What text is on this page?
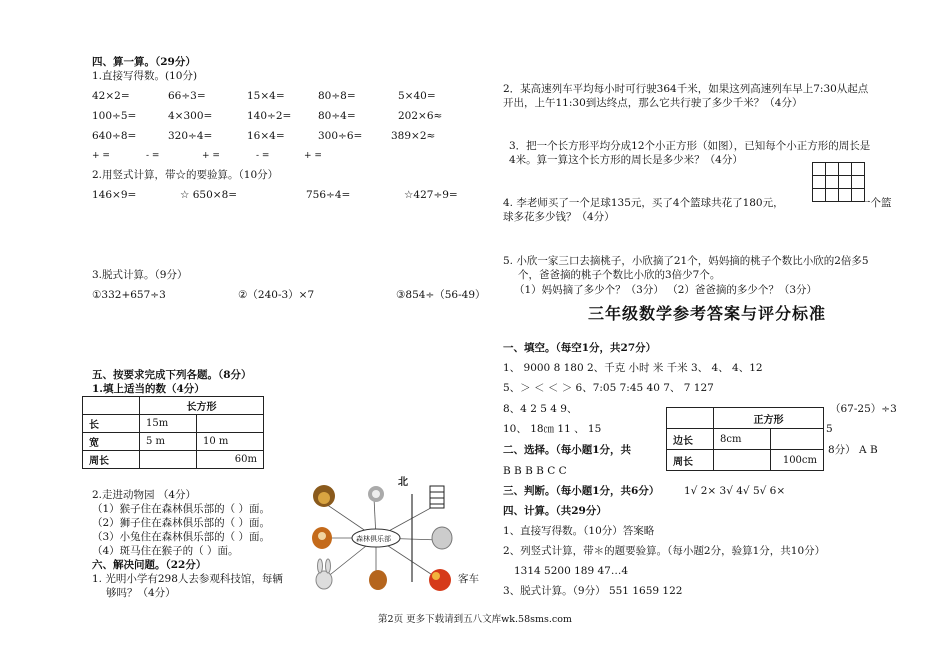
四、算一算。（29分）
1.直接写得数。(10分)
42×2=	66÷3=	15×4=	80÷8=	5×40=
100÷5=	4×300=	140÷2=	80÷4=	202×6≈
640÷8=	320÷4=	16×4=	300÷6=	389×2≈
+ =	- =	+ =	- =	+ =
2.用竖式计算，带☆的要验算。（10分）
146×9=	☆ 650×8=	756÷4=	☆427÷9=
3.脱式计算。（9分）
①332+657÷3	②（240-3）×7	③854÷（56-49）
五、按要求完成下列各题。（8分）
1.填上适当的数（4分）
	长方形	
长	15m	
宽	5 m	10 m
周长		60m
2.走进动物园 （4分）
（1）猴子住在森林俱乐部的（ ）面。
（2）狮子住在森林俱乐部的（ ）面。
（3）小兔住在森林俱乐部的（ ）面。
（4）斑马住在猴子的（ ）面。
北
森林俱乐部
六、解决问题。（22分）
1. 光明小学有298人去参观科技馆，每辆	客车
够吗？（4分）
2．某高速列车平均每小时可行驶364千米，如果这列高速列车早上7:30从起点
开出，上午11:30到达终点，那么它共行驶了多少千米？（4分）
3．把一个长方形平均分成12个小正方形（如图），已知每个小正方形的周长是
4米。算一算这个长方形的周长是多少米？（4分）

4. 李老师买了一个足球135元，买了4个篮球共花了180元，	一个篮
球多花多少钱？（4分）
5. 小欣一家三口去摘桃子，小欣摘了21个，妈妈摘的桃子个数比小欣的2倍多5
个，爸爸摘的桃子个数比小欣的3倍少7个。
（1）妈妈摘了多少个？（3分） （2）爸爸摘的多少个？（3分）
三年级数学参考答案与评分标准
一、填空。（每空1分，共27分）
1、 9000 8 180 2、千克 小时 米 千米 3、 4、 4、12
5、＞ ＜ ＜ ＞ 6、7:05 7:45 40 7、 7 127
8、4 2 5 4 9、	（67-25）÷3
10、 18㎝ 11 、 15	5
	正方形	
边长	8cm	
周长		100cm
二、选择。（每小题1分，共	8分） A B
B B B B C C
三、判断。（每小题1分，共6分） 1√ 2× 3√ 4√ 5√ 6×
四、计算。（共29分）
1、直接写得数。（10分）答案略
2、列竖式计算，带＊的题要验算。（每小题2分，验算1分，共10分）
1314 5200 189 47…4
3、脱式计算。（9分） 551 1659 122
第2页 更多下载请到五八文库wk.58sms.com
